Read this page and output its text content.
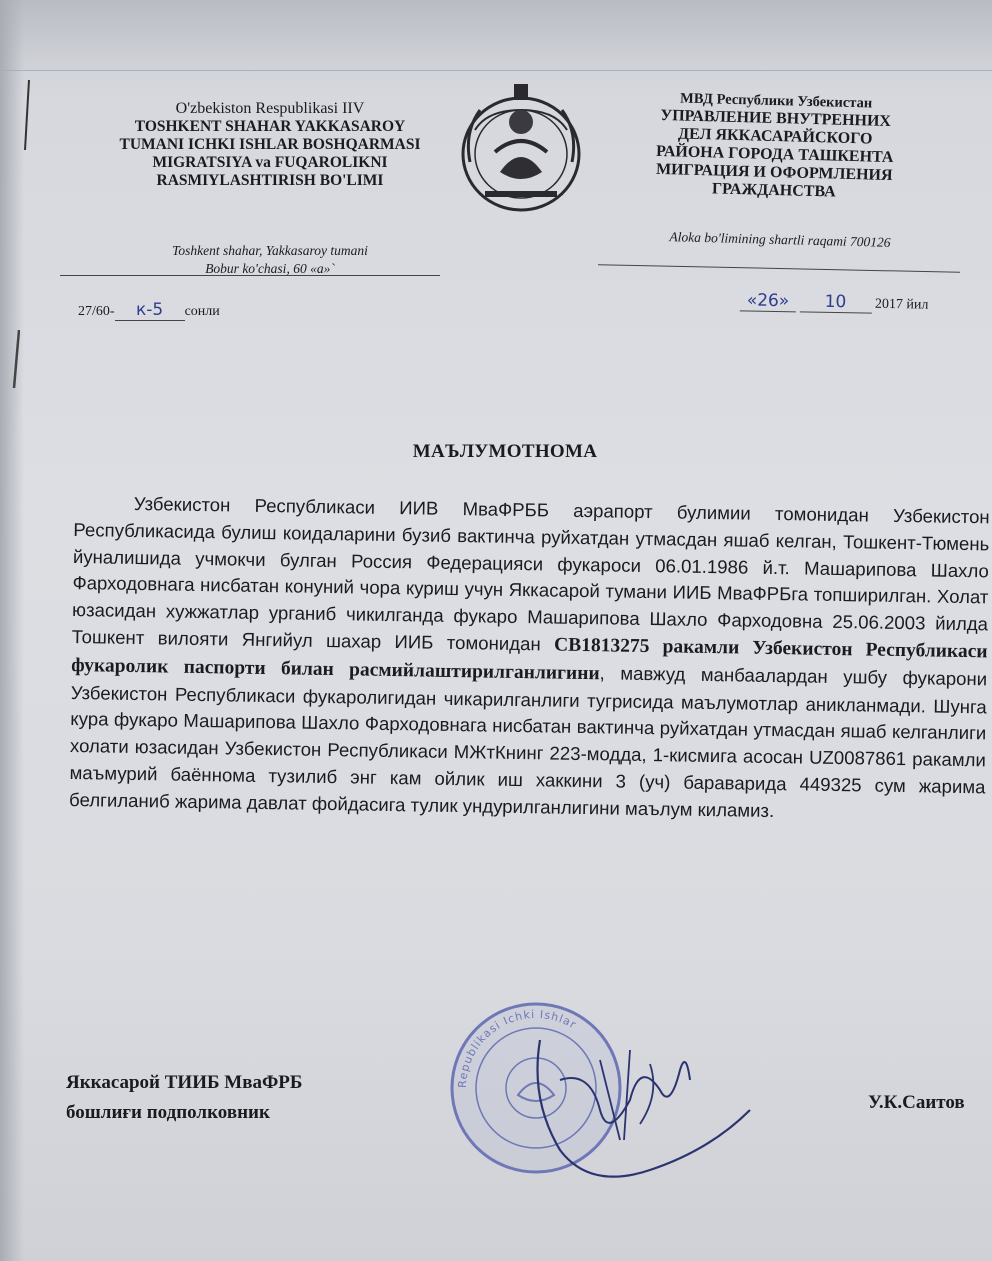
O'zbekiston Respublikasi IIV
TOSHKENT SHAHAR YAKKASAROY
TUMANI ICHKI ISHLAR BOSHQARMASI
MIGRATSIYA va FUQAROLIKNI
RASMIYLASHTIRISH BO'LIMI
МВД Республики Узбекистан
УПРАВЛЕНИЕ ВНУТРЕННИХ
ДЕЛ ЯККАСАРАЙСКОГО
РАЙОНА ГОРОДА ТАШКЕНТА
МИГРАЦИЯ И ОФОРМЛЕНИЯ
ГРАЖДАНСТВА
Toshkent shahar, Yakkasaroy tumani
Bobur ko'chasi, 60 «a»`
Aloka bo'limining shartli raqami 700126
27/60- к-5 сонли
«26» 10 2017 йил
МАЪЛУМОТНОМА
Узбекистон Республикаси ИИВ МваФРББ аэрапорт булимии томонидан Узбекистон Республикасида булиш коидаларини бузиб вактинча руйхатдан утмасдан яшаб келган, Тошкент-Тюмень йуналишида учмокчи булган Россия Федерацияси фукароси 06.01.1986 й.т. Машарипова Шахло Фарходовнага нисбатан конуний чора куриш учун Яккасарой тумани ИИБ МваФРБга топширилган. Холат юзасидан хужжатлар урганиб чикилганда фукаро Машарипова Шахло Фарходовна 25.06.2003 йилда Тошкент вилояти Янгийул шахар ИИБ томонидан CB1813275 ракамли Узбекистон Республикаси фукаролик паспорти билан расмийлаштирилганлигини, мавжуд манбаалардан ушбу фукарони Узбекистон Республикаси фукаролигидан чикарилганлиги тугрисида маълумотлар аникланмади. Шунга кура фукаро Машарипова Шахло Фарходовнага нисбатан вактинча руйхатдан утмасдан яшаб келганлиги холати юзасидан Узбекистон Республикаси МЖтКнинг 223-модда, 1-кисмига асосан UZ0087861 ракамли маъмурий баённома тузилиб энг кам ойлик иш хаккини 3 (уч) бараварида 449325 сум жарима белгиланиб жарима давлат фойдасига тулик ундурилганлигини маълум киламиз.
Republikasi Ichki Ishlar
Яккасарой ТИИБ МваФРБ
бошлиғи подполковник	У.К.Саитов
